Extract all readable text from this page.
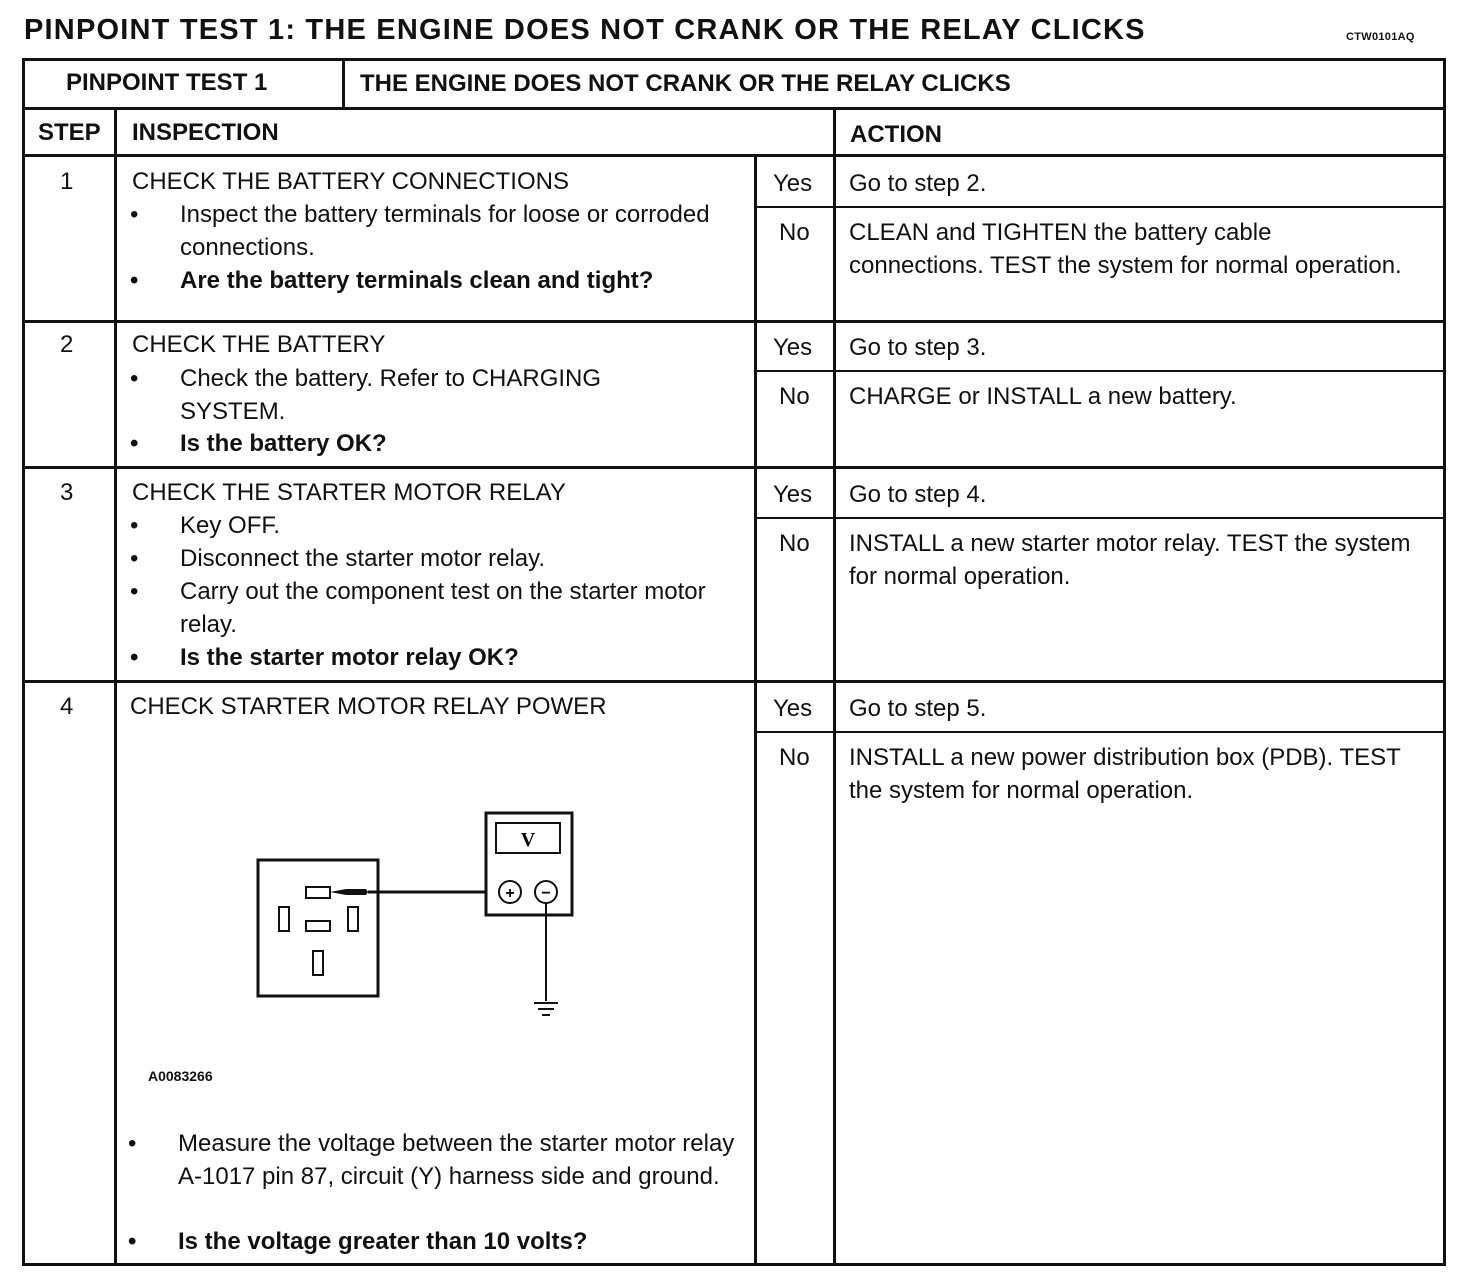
PINPOINT TEST 1: THE ENGINE DOES NOT CRANK OR THE RELAY CLICKS	CTW0101AQ
PINPOINT TEST 1	THE ENGINE DOES NOT CRANK OR THE RELAY CLICKS
STEP INSPECTION	ACTION
1 CHECK THE BATTERY CONNECTIONS
•	Inspect the battery terminals for loose or corroded connections.
•	Are the battery terminals clean and tight?
Yes Go to step 2.
No CLEAN and TIGHTEN the battery cable connections. TEST the system for normal operation.
2 CHECK THE BATTERY
•	Check the battery. Refer to CHARGING SYSTEM.
•	Is the battery OK?
Yes Go to step 3.
No CHARGE or INSTALL a new battery.
3 CHECK THE STARTER MOTOR RELAY
•	Key OFF.
•	Disconnect the starter motor relay.
•	Carry out the component test on the starter motor relay.
•	Is the starter motor relay OK?
Yes Go to step 4.
No INSTALL a new starter motor relay. TEST the system for normal operation.
4 CHECK STARTER MOTOR RELAY POWER
V
+ −
A0083266
•	Measure the voltage between the starter motor relay A-1017 pin 87, circuit (Y) harness side and ground.
•	Is the voltage greater than 10 volts?
Yes Go to step 5.
No INSTALL a new power distribution box (PDB). TEST the system for normal operation.
